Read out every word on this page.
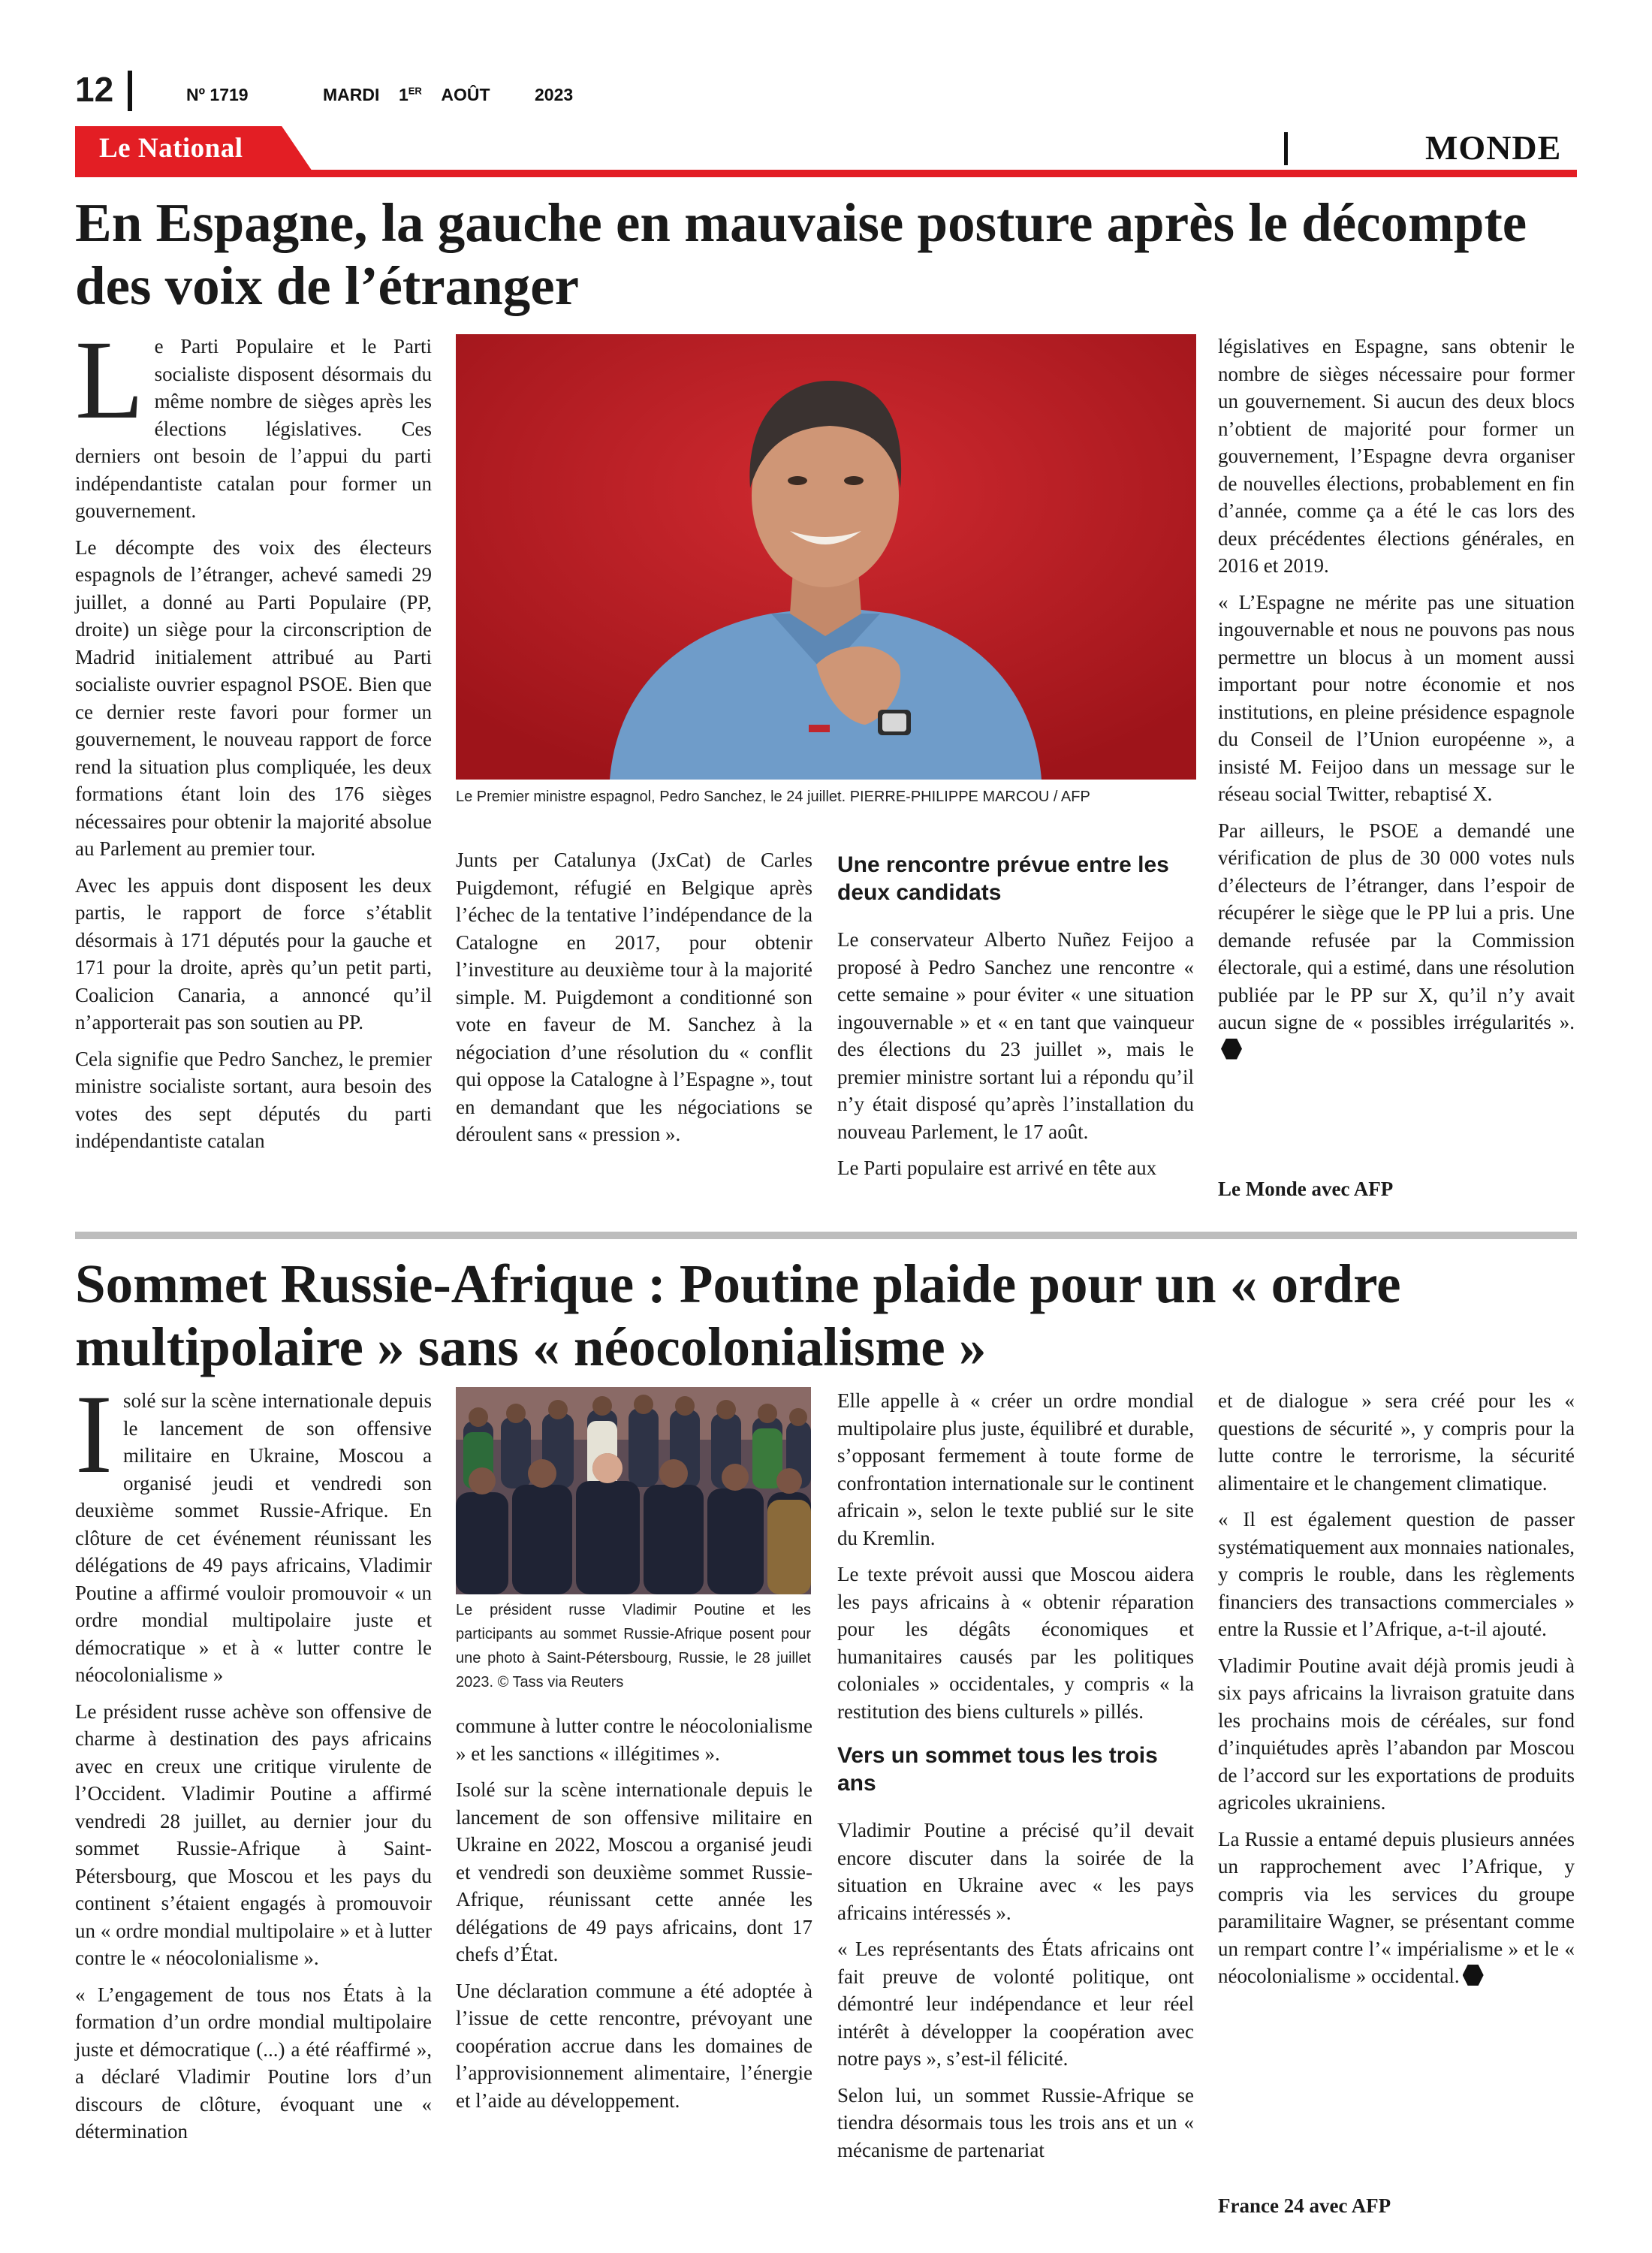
12	Nº 1719	MARDI 1ER AOÛT	2023
Le National	MONDE
En Espagne, la gauche en mauvaise posture après le décompte des voix de l’étranger

Le Parti Populaire et le Parti socialiste disposent désormais du même nombre de sièges après les élections législatives. Ces derniers ont besoin de l’appui du parti indépendantiste catalan pour former un gouvernement.

Le décompte des voix des électeurs espagnols de l’étranger, achevé samedi 29 juillet, a donné au Parti Populaire (PP, droite) un siège pour la circonscription de Madrid initialement attribué au Parti socialiste ouvrier espagnol PSOE. Bien que ce dernier reste favori pour former un gouvernement, le nouveau rapport de force rend la situation plus compliquée, les deux formations étant loin des 176 sièges nécessaires pour obtenir la majorité absolue au Parlement au premier tour.

Avec les appuis dont disposent les deux partis, le rapport de force s’établit désormais à 171 députés pour la gauche et 171 pour la droite, après qu’un petit parti, Coalicion Canaria, a annoncé qu’il n’apporterait pas son soutien au PP.

Cela signifie que Pedro Sanchez, le premier ministre socialiste sortant, aura besoin des votes des sept députés du parti indépendantiste catalan

Le Premier ministre espagnol, Pedro Sanchez, le 24 juillet. PIERRE-PHILIPPE MARCOU / AFP

Junts per Catalunya (JxCat) de Carles Puigdemont, réfugié en Belgique après l’échec de la tentative l’indépendance de la Catalogne en 2017, pour obtenir l’investiture au deuxième tour à la majorité simple. M. Puigdemont a conditionné son vote en faveur de M. Sanchez à la négociation d’une résolution du « conflit qui oppose la Catalogne à l’Espagne », tout en demandant que les négociations se déroulent sans « pression ».

Une rencontre prévue entre les deux candidats

Le conservateur Alberto Nuñez Feijoo a proposé à Pedro Sanchez une rencontre « cette semaine » pour éviter « une situation ingouvernable » et « en tant que vainqueur des élections du 23 juillet », mais le premier ministre sortant lui a répondu qu’il n’y était disposé qu’après l’installation du nouveau Parlement, le 17 août.

Le Parti populaire est arrivé en tête aux

législatives en Espagne, sans obtenir le nombre de sièges nécessaire pour former un gouvernement. Si aucun des deux blocs n’obtient de majorité pour former un gouvernement, l’Espagne devra organiser de nouvelles élections, probablement en fin d’année, comme ça a été le cas lors des deux précédentes élections générales, en 2016 et 2019.

« L’Espagne ne mérite pas une situation ingouvernable et nous ne pouvons pas nous permettre un blocus à un moment aussi important pour notre économie et nos institutions, en pleine présidence espagnole du Conseil de l’Union européenne », a insisté M. Feijoo dans un message sur le réseau social Twitter, rebaptisé X.

Par ailleurs, le PSOE a demandé une vérification de plus de 30 000 votes nuls d’électeurs de l’étranger, dans l’espoir de récupérer le siège que le PP lui a pris. Une demande refusée par la Commission électorale, qui a estimé, dans une résolution publiée par le PP sur X, qu’il n’y avait aucun signe de « possibles irrégularités ».

Le Monde avec AFP
Sommet Russie-Afrique : Poutine plaide pour un « ordre multipolaire » sans « néocolonialisme »

Isolé sur la scène internationale depuis le lancement de son offensive militaire en Ukraine, Moscou a organisé jeudi et vendredi son deuxième sommet Russie-Afrique. En clôture de cet événement réunissant les délégations de 49 pays africains, Vladimir Poutine a affirmé vouloir promouvoir « un ordre mondial multipolaire juste et démocratique » et à « lutter contre le néocolonialisme »

Le président russe achève son offensive de charme à destination des pays africains avec en creux une critique virulente de l’Occident. Vladimir Poutine a affirmé vendredi 28 juillet, au dernier jour du sommet Russie-Afrique à Saint-Pétersbourg, que Moscou et les pays du continent s’étaient engagés à promouvoir un « ordre mondial multipolaire » et à lutter contre le « néocolonialisme ».

« L’engagement de tous nos États à la formation d’un ordre mondial multipolaire juste et démocratique (...) a été réaffirmé », a déclaré Vladimir Poutine lors d’un discours de clôture, évoquant une « détermination

Le président russe Vladimir Poutine et les participants au sommet Russie-Afrique posent pour une photo à Saint-Pétersbourg, Russie, le 28 juillet 2023. © Tass via Reuters

commune à lutter contre le néocolonialisme » et les sanctions « illégitimes ».

Isolé sur la scène internationale depuis le lancement de son offensive militaire en Ukraine en 2022, Moscou a organisé jeudi et vendredi son deuxième sommet Russie-Afrique, réunissant cette année les délégations de 49 pays africains, dont 17 chefs d’État.

Une déclaration commune a été adoptée à l’issue de cette rencontre, prévoyant une coopération accrue dans les domaines de l’approvisionnement alimentaire, l’énergie et l’aide au développement.

Elle appelle à « créer un ordre mondial multipolaire plus juste, équilibré et durable, s’opposant fermement à toute forme de confrontation internationale sur le continent africain », selon le texte publié sur le site du Kremlin.

Le texte prévoit aussi que Moscou aidera les pays africains à « obtenir réparation pour les dégâts économiques et humanitaires causés par les politiques coloniales » occidentales, y compris « la restitution des biens culturels » pillés.

Vers un sommet tous les trois ans

Vladimir Poutine a précisé qu’il devait encore discuter dans la soirée de la situation en Ukraine avec « les pays africains intéressés ».

« Les représentants des États africains ont fait preuve de volonté politique, ont démontré leur indépendance et leur réel intérêt à développer la coopération avec notre pays », s’est-il félicité.

Selon lui, un sommet Russie-Afrique se tiendra désormais tous les trois ans et un « mécanisme de partenariat

et de dialogue » sera créé pour les « questions de sécurité », y compris pour la lutte contre le terrorisme, la sécurité alimentaire et le changement climatique.

« Il est également question de passer systématiquement aux monnaies nationales, y compris le rouble, dans les règlements financiers des transactions commerciales » entre la Russie et l’Afrique, a-t-il ajouté.

Vladimir Poutine avait déjà promis jeudi à six pays africains la livraison gratuite dans les prochains mois de céréales, sur fond d’inquiétudes après l’abandon par Moscou de l’accord sur les exportations de produits agricoles ukrainiens.

La Russie a entamé depuis plusieurs années un rapprochement avec l’Afrique, y compris via les services du groupe paramilitaire Wagner, se présentant comme un rempart contre l’« impérialisme » et le « néocolonialisme » occidental.

France 24 avec AFP
